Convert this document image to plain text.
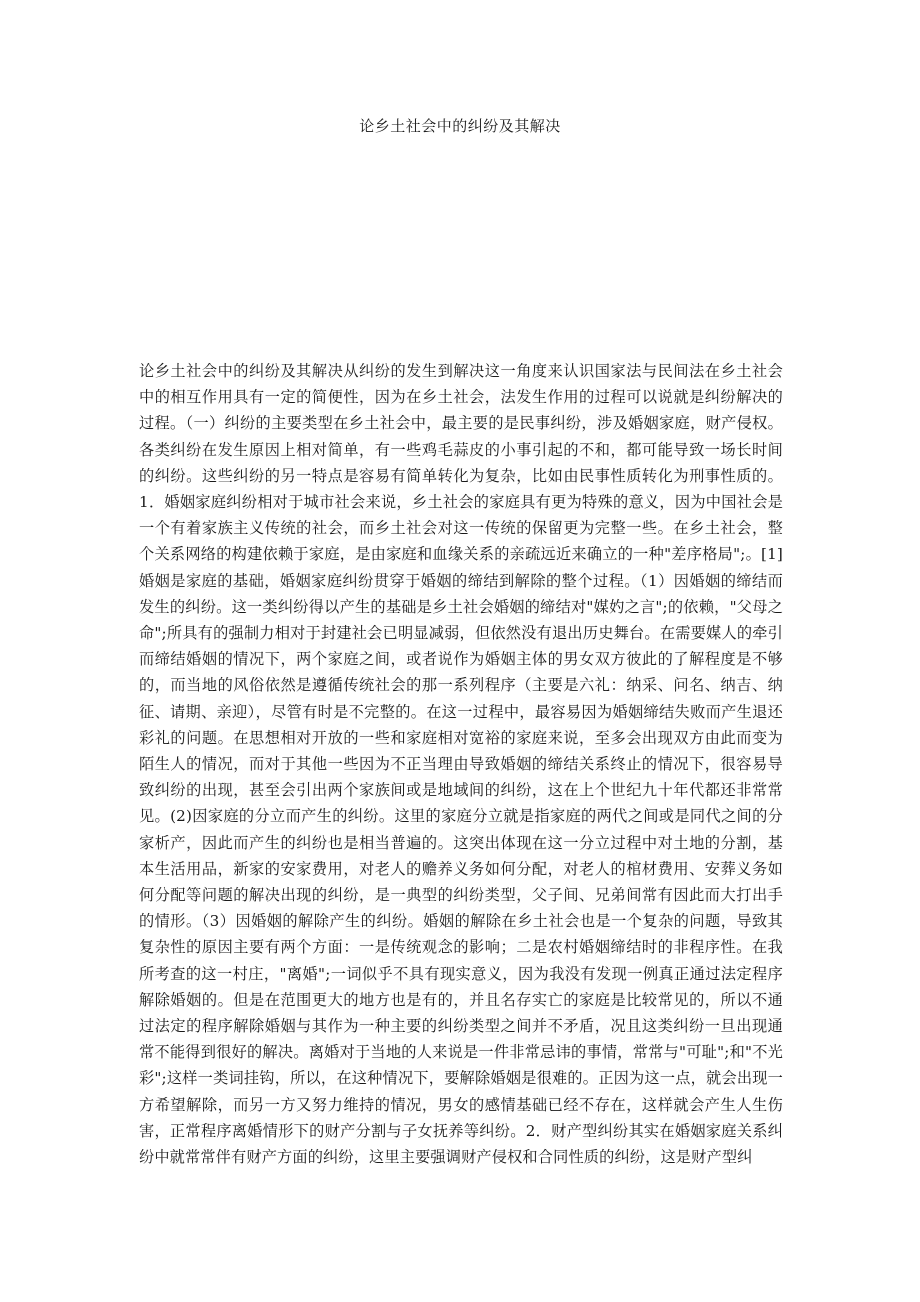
论乡土社会中的纠纷及其解决

论乡土社会中的纠纷及其解决从纠纷的发生到解决这一角度来认识国家法与民间法在乡土社会中的相互作用具有一定的简便性，因为在乡土社会，法发生作用的过程可以说就是纠纷解决的过程。（一）纠纷的主要类型在乡土社会中，最主要的是民事纠纷，涉及婚姻家庭，财产侵权。各类纠纷在发生原因上相对简单，有一些鸡毛蒜皮的小事引起的不和，都可能导致一场长时间的纠纷。这些纠纷的另一特点是容易有简单转化为复杂，比如由民事性质转化为刑事性质的。1．婚姻家庭纠纷相对于城市社会来说，乡土社会的家庭具有更为特殊的意义，因为中国社会是一个有着家族主义传统的社会，而乡土社会对这一传统的保留更为完整一些。在乡土社会，整个关系网络的构建依赖于家庭，是由家庭和血缘关系的亲疏远近来确立的一种"差序格局";。[1]婚姻是家庭的基础，婚姻家庭纠纷贯穿于婚姻的缔结到解除的整个过程。（1）因婚姻的缔结而发生的纠纷。这一类纠纷得以产生的基础是乡土社会婚姻的缔结对"媒妁之言";的依赖，"父母之命";所具有的强制力相对于封建社会已明显减弱，但依然没有退出历史舞台。在需要媒人的牵引而缔结婚姻的情况下，两个家庭之间，或者说作为婚姻主体的男女双方彼此的了解程度是不够的，而当地的风俗依然是遵循传统社会的那一系列程序（主要是六礼：纳采、问名、纳吉、纳征、请期、亲迎），尽管有时是不完整的。在这一过程中，最容易因为婚姻缔结失败而产生退还彩礼的问题。在思想相对开放的一些和家庭相对宽裕的家庭来说，至多会出现双方由此而变为陌生人的情况，而对于其他一些因为不正当理由导致婚姻的缔结关系终止的情况下，很容易导致纠纷的出现，甚至会引出两个家族间或是地域间的纠纷，这在上个世纪九十年代都还非常常见。(2)因家庭的分立而产生的纠纷。这里的家庭分立就是指家庭的两代之间或是同代之间的分家析产，因此而产生的纠纷也是相当普遍的。这突出体现在这一分立过程中对土地的分割，基本生活用品，新家的安家费用，对老人的赡养义务如何分配，对老人的棺材费用、安葬义务如何分配等问题的解决出现的纠纷，是一典型的纠纷类型，父子间、兄弟间常有因此而大打出手的情形。（3）因婚姻的解除产生的纠纷。婚姻的解除在乡土社会也是一个复杂的问题，导致其复杂性的原因主要有两个方面：一是传统观念的影响；二是农村婚姻缔结时的非程序性。在我所考查的这一村庄，"离婚";一词似乎不具有现实意义，因为我没有发现一例真正通过法定程序解除婚姻的。但是在范围更大的地方也是有的，并且名存实亡的家庭是比较常见的，所以不通过法定的程序解除婚姻与其作为一种主要的纠纷类型之间并不矛盾，况且这类纠纷一旦出现通常不能得到很好的解决。离婚对于当地的人来说是一件非常忌讳的事情，常常与"可耻";和"不光彩";这样一类词挂钩，所以，在这种情况下，要解除婚姻是很难的。正因为这一点，就会出现一方希望解除，而另一方又努力维持的情况，男女的感情基础已经不存在，这样就会产生人生伤害，正常程序离婚情形下的财产分割与子女抚养等纠纷。2．财产型纠纷其实在婚姻家庭关系纠纷中就常常伴有财产方面的纠纷，这里主要强调财产侵权和合同性质的纠纷，这是财产型纠
